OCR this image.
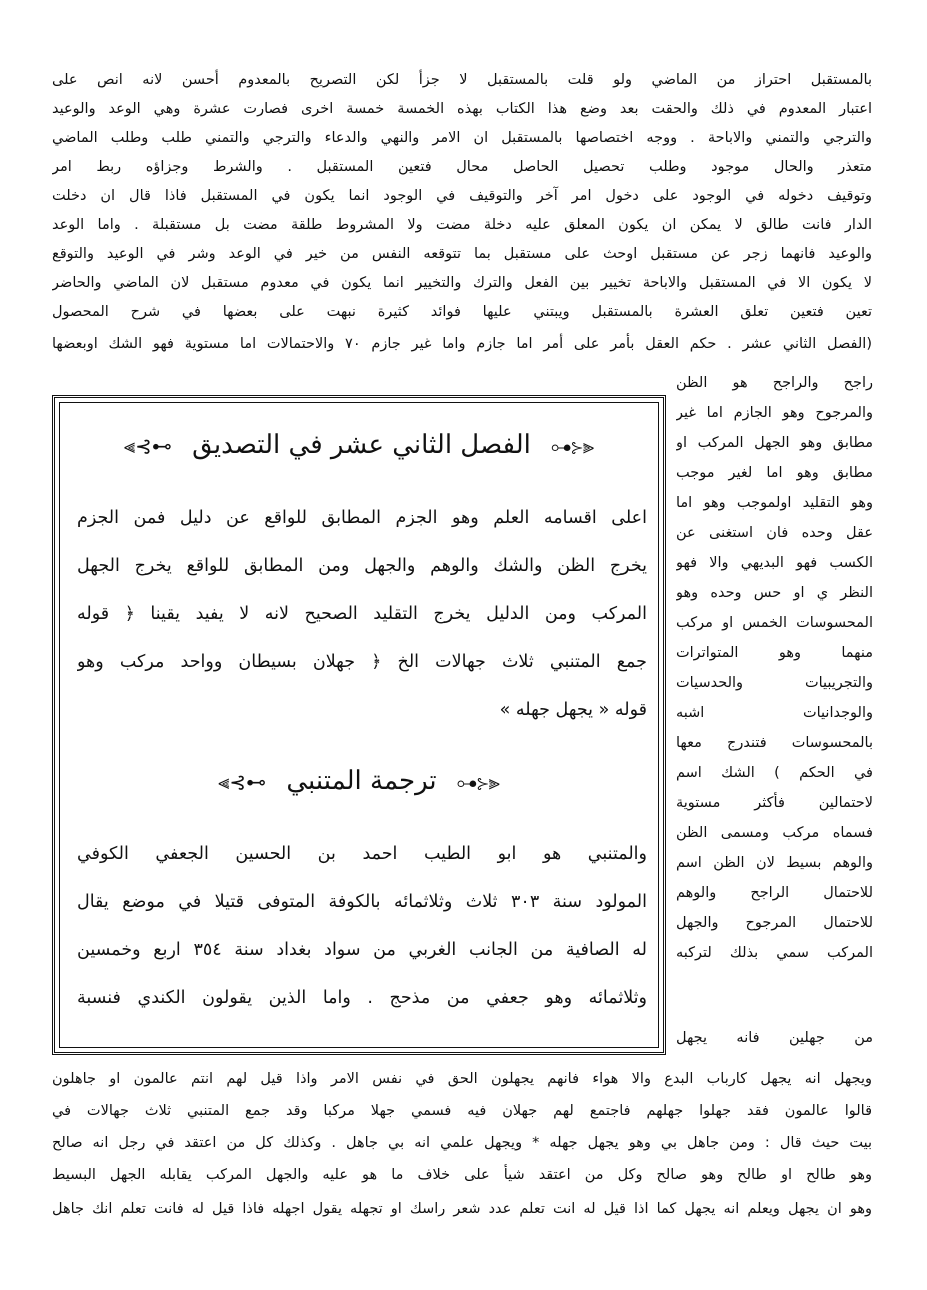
بالمستقبل احتراز من الماضي ولو قلت بالمستقبل لا جزأ لكن التصريح بالمعدوم أحسن لانه انص على
اعتبار المعدوم في ذلك والحقت بعد وضع هذا الكتاب بهذه الخمسة خمسة اخرى فصارت عشرة وهي الوعد والوعيد
والترجي والتمني والاباحة . ووجه اختصاصها بالمستقبل ان الامر والنهي والدعاء والترجي والتمني طلب وطلب الماضي
متعذر والحال موجود وطلب تحصيل الحاصل محال فتعين المستقبل . والشرط وجزاؤه ربط امر
وتوقيف دخوله في الوجود على دخول امر آخر والتوقيف في الوجود انما يكون في المستقبل فاذا قال ان دخلت
الدار فانت طالق لا يمكن ان يكون المعلق عليه دخلة مضت ولا المشروط طلقة مضت بل مستقبلة . واما الوعد
والوعيد فانهما زجر عن مستقبل اوحث على مستقبل بما تتوقعه النفس من خير في الوعد وشر في الوعيد والتوقع
لا يكون الا في المستقبل والاباحة تخيير بين الفعل والترك والتخيير انما يكون في معدوم مستقبل لان الماضي والحاضر
تعين فتعين تعلق العشرة بالمستقبل ويبتني عليها فوائد كثيرة نبهت على بعضها في شرح المحصول
(الفصل الثاني عشر . حكم العقل بأمر على أمر اما جازم واما غير جازم ٧٠ والاحتمالات اما مستوية فهو الشك اوبعضها
راجح والراجح هو الظن
والمرجوح وهو الجازم اما غير
مطابق وهو الجهل المركب او
مطابق وهو اما لغير موجب
وهو التقليد اولموجب وهو اما
عقل وحده فان استغنى عن
الكسب فهو البديهي والا فهو
النظر ي او حس وحده وهو
المحسوسات الخمس او مركب
منهما وهو المتواترات
والتجريبيات والحدسيات
والوجدانيات اشبه
بالمحسوسات فتندرج معها
في الحكم ) الشك اسم
لاحتمالين فأكثر مستوية
فسماه مركب ومسمى الظن
والوهم بسيط لان الظن اسم
للاحتمال الراجح والوهم
للاحتمال المرجوح والجهل
المركب سمي بذلك لتركبه
من جهلين فانه يجهل
⫷⊰⊷ الفصل الثاني عشر في التصديق ⊶⊱⫸
اعلى اقسامه العلم وهو الجزم المطابق للواقع عن دليل فمن الجزم
يخرج الظن والشك والوهم والجهل ومن المطابق للواقع يخرج الجهل
المركب ومن الدليل يخرج التقليد الصحيح لانه لا يفيد يقينا ﴿ قوله
جمع المتنبي ثلاث جهالات الخ ﴿ جهلان بسيطان وواحد مركب وهو
قوله « يجهل جهله »
⫷⊰⊷ ترجمة المتنبي ⊶⊱⫸
والمتنبي هو ابو الطيب احمد بن الحسين الجعفي الكوفي
المولود سنة ٣٠٣ ثلاث وثلاثمائه بالكوفة المتوفى قتيلا في موضع يقال
له الصافية من الجانب الغربي من سواد بغداد سنة ٣٥٤ اربع وخمسين
وثلاثمائه وهو جعفي من مذحج . واما الذين يقولون الكندي فنسبة
ويجهل انه يجهل كارباب البدع والا هواء فانهم يجهلون الحق في نفس الامر واذا قيل لهم انتم عالمون او جاهلون
قالوا عالمون فقد جهلوا جهلهم فاجتمع لهم جهلان فيه فسمي جهلا مركبا وقد جمع المتنبي ثلاث جهالات في
بيت حيث قال : ومن جاهل بي وهو يجهل جهله * ويجهل علمي انه بي جاهل . وكذلك كل من اعتقد في رجل انه صالح
وهو طالح او طالح وهو صالح وكل من اعتقد شيأ على خلاف ما هو عليه والجهل المركب يقابله الجهل البسيط
وهو ان يجهل ويعلم انه يجهل كما اذا قيل له انت تعلم عدد شعر راسك او تجهله يقول اجهله فاذا قيل له فانت تعلم انك جاهل
